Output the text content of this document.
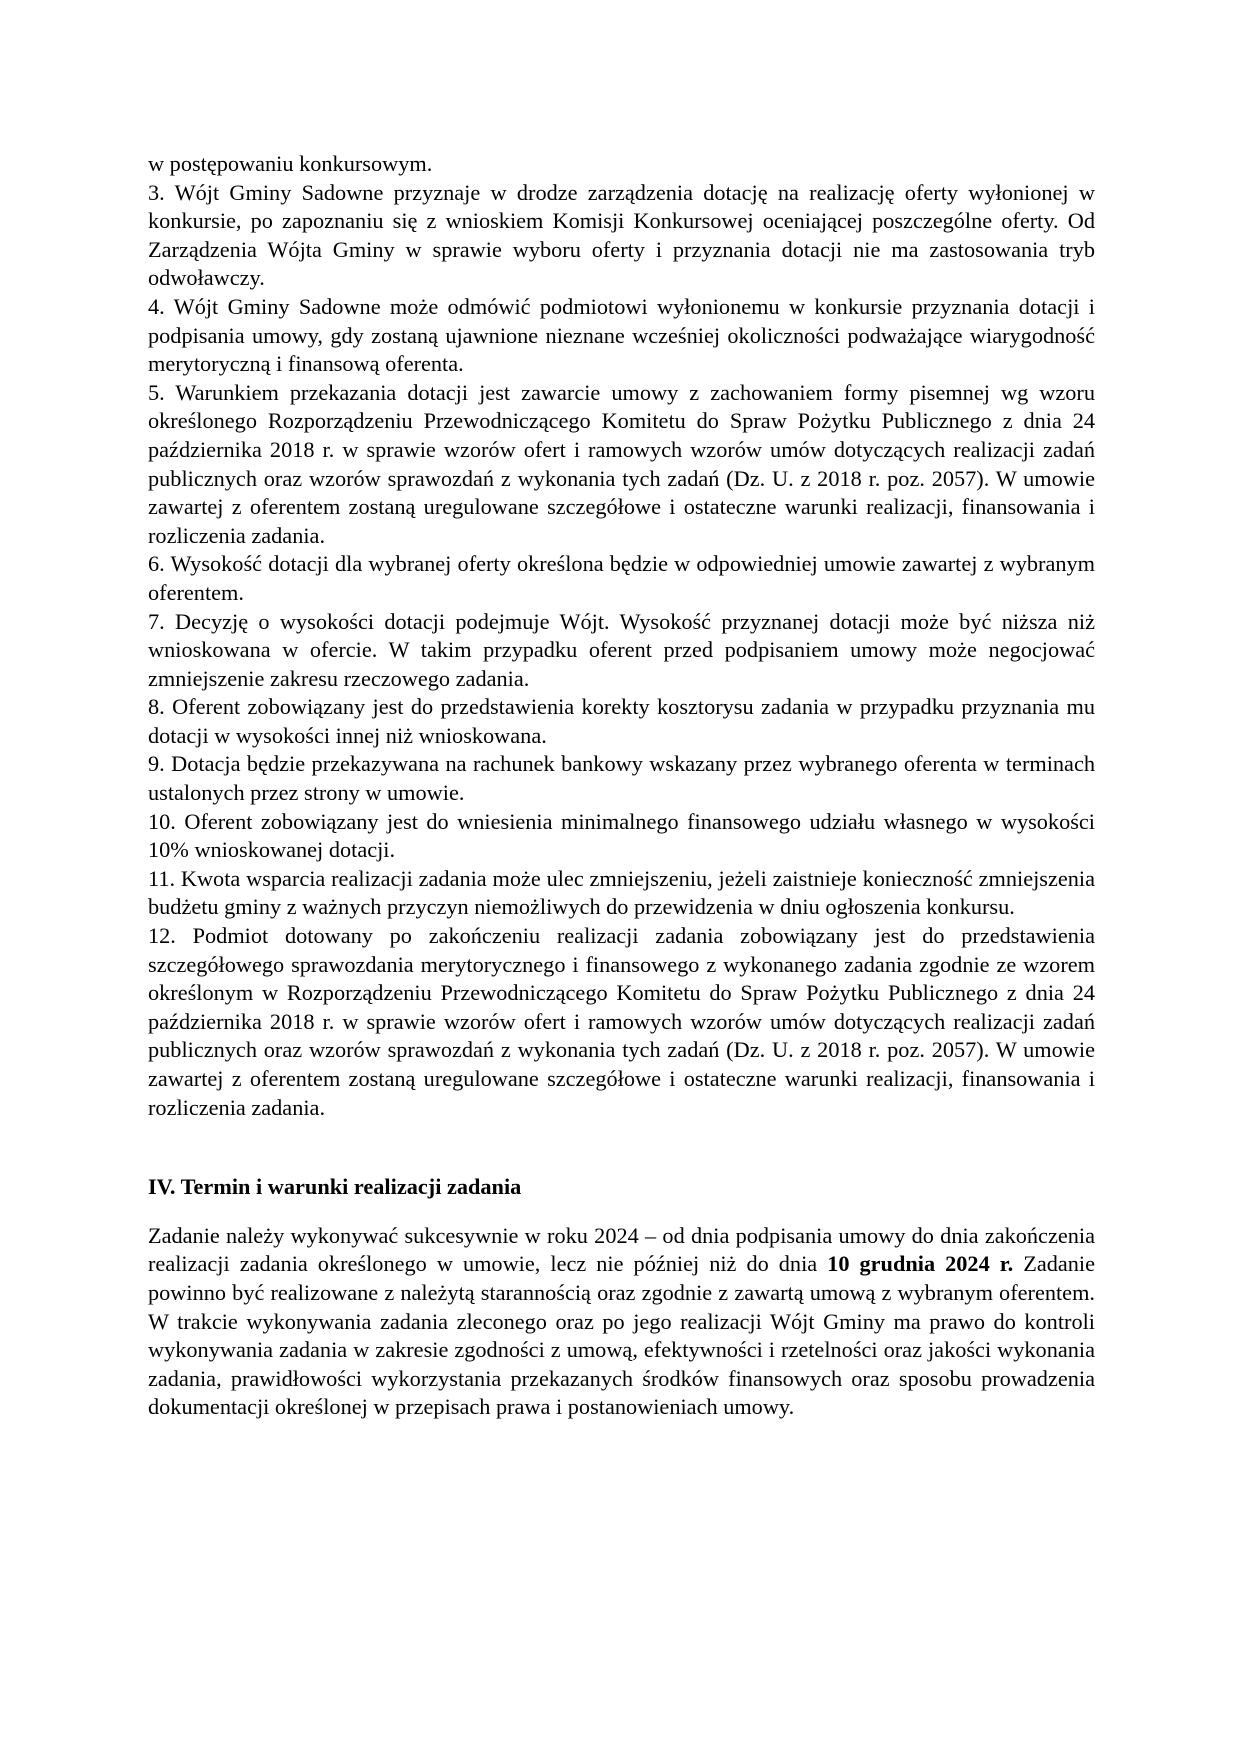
w postępowaniu konkursowym.

3. Wójt Gminy Sadowne przyznaje w drodze zarządzenia dotację na realizację oferty wyłonionej w konkursie, po zapoznaniu się z wnioskiem Komisji Konkursowej oceniającej poszczególne oferty. Od Zarządzenia Wójta Gminy w sprawie wyboru oferty i przyznania dotacji nie ma zastosowania tryb odwoławczy.

4. Wójt Gminy Sadowne może odmówić podmiotowi wyłonionemu w konkursie przyznania dotacji i podpisania umowy, gdy zostaną ujawnione nieznane wcześniej okoliczności podważające wiarygodność merytoryczną i finansową oferenta.

5. Warunkiem przekazania dotacji jest zawarcie umowy z zachowaniem formy pisemnej wg wzoru określonego Rozporządzeniu Przewodniczącego Komitetu do Spraw Pożytku Publicznego z dnia 24 października 2018 r. w sprawie wzorów ofert i ramowych wzorów umów dotyczących realizacji zadań publicznych oraz wzorów sprawozdań z wykonania tych zadań (Dz. U. z 2018 r. poz. 2057). W umowie zawartej z oferentem zostaną uregulowane szczegółowe i ostateczne warunki realizacji, finansowania i rozliczenia zadania.

6. Wysokość dotacji dla wybranej oferty określona będzie w odpowiedniej umowie zawartej z wybranym oferentem.

7. Decyzję o wysokości dotacji podejmuje Wójt. Wysokość przyznanej dotacji może być niższa niż wnioskowana w ofercie. W takim przypadku oferent przed podpisaniem umowy może negocjować zmniejszenie zakresu rzeczowego zadania.

8. Oferent zobowiązany jest do przedstawienia korekty kosztorysu zadania w przypadku przyznania mu dotacji w wysokości innej niż wnioskowana.

9. Dotacja będzie przekazywana na rachunek bankowy wskazany przez wybranego oferenta w terminach ustalonych przez strony w umowie.

10. Oferent zobowiązany jest do wniesienia minimalnego finansowego udziału własnego w wysokości 10% wnioskowanej dotacji.

11. Kwota wsparcia realizacji zadania może ulec zmniejszeniu, jeżeli zaistnieje konieczność zmniejszenia budżetu gminy z ważnych przyczyn niemożliwych do przewidzenia w dniu ogłoszenia konkursu.

12. Podmiot dotowany po zakończeniu realizacji zadania zobowiązany jest do przedstawienia szczegółowego sprawozdania merytorycznego i finansowego z wykonanego zadania zgodnie ze wzorem określonym w Rozporządzeniu Przewodniczącego Komitetu do Spraw Pożytku Publicznego z dnia 24 października 2018 r. w sprawie wzorów ofert i ramowych wzorów umów dotyczących realizacji zadań publicznych oraz wzorów sprawozdań z wykonania tych zadań (Dz. U. z 2018 r. poz. 2057). W umowie zawartej z oferentem zostaną uregulowane szczegółowe i ostateczne warunki realizacji, finansowania i rozliczenia zadania.

IV. Termin i warunki realizacji zadania

Zadanie należy wykonywać sukcesywnie w roku 2024 – od dnia podpisania umowy do dnia zakończenia realizacji zadania określonego w umowie, lecz nie później niż do dnia 10 grudnia 2024 r. Zadanie powinno być realizowane z należytą starannością oraz zgodnie z zawartą umową z wybranym oferentem. W trakcie wykonywania zadania zleconego oraz po jego realizacji Wójt Gminy ma prawo do kontroli wykonywania zadania w zakresie zgodności z umową, efektywności i rzetelności oraz jakości wykonania zadania, prawidłowości wykorzystania przekazanych środków finansowych oraz sposobu prowadzenia dokumentacji określonej w przepisach prawa i postanowieniach umowy.
